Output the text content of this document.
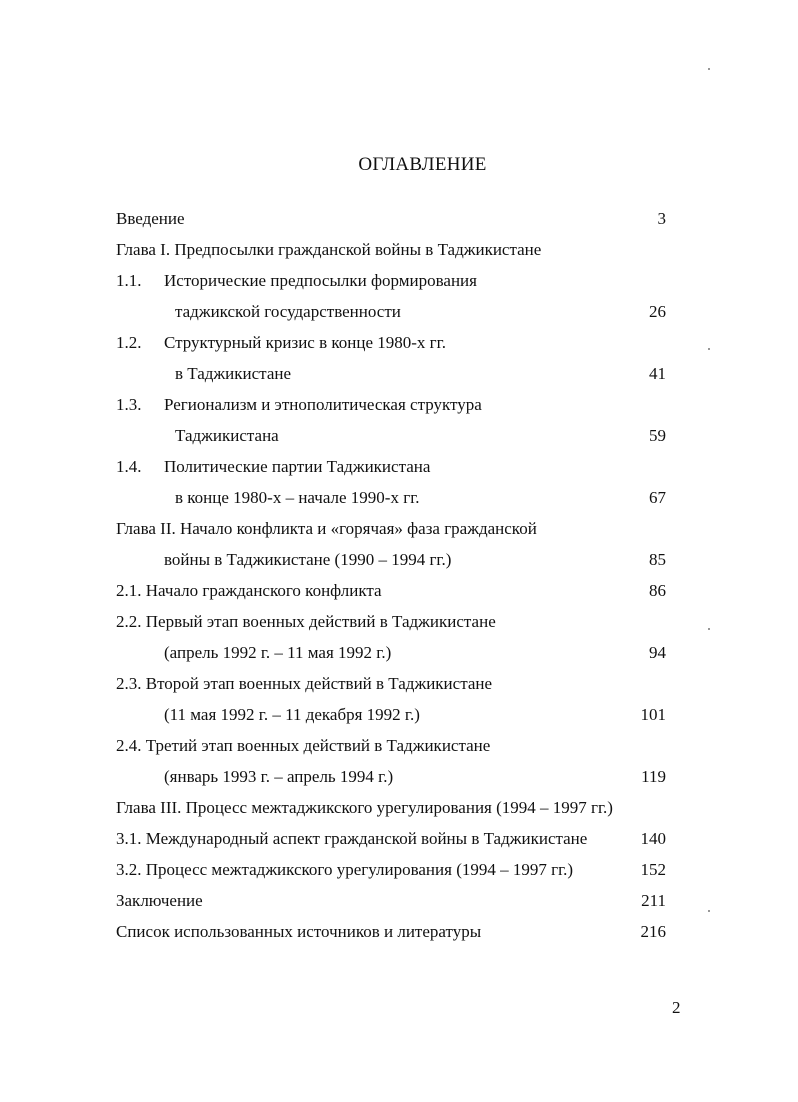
ОГЛАВЛЕНИЕ
Введение	3
Глава I. Предпосылки гражданской войны в Таджикистане
1.1. Исторические предпосылки формирования
таджикской государственности	26
1.2. Структурный кризис в конце 1980-х гг.
в Таджикистане	41
1.3. Регионализм и этнополитическая структура
Таджикистана	59
1.4. Политические партии Таджикистана
в конце 1980-х – начале 1990-х гг.	67
Глава II. Начало конфликта и «горячая» фаза гражданской
войны в Таджикистане (1990 – 1994 гг.)	85
2.1. Начало гражданского конфликта	86
2.2. Первый этап военных действий в Таджикистане
(апрель 1992 г. – 11 мая 1992 г.)	94
2.3. Второй этап военных действий в Таджикистане
(11 мая 1992 г. – 11 декабря 1992 г.)	101
2.4. Третий этап военных действий в Таджикистане
(январь 1993 г. – апрель 1994 г.)	119
Глава III. Процесс межтаджикского урегулирования (1994 – 1997 гг.)
3.1. Международный аспект гражданской войны в Таджикистане	140
3.2. Процесс межтаджикского урегулирования (1994 – 1997 гг.)	152
Заключение	211
Список использованных источников и литературы	216
2
